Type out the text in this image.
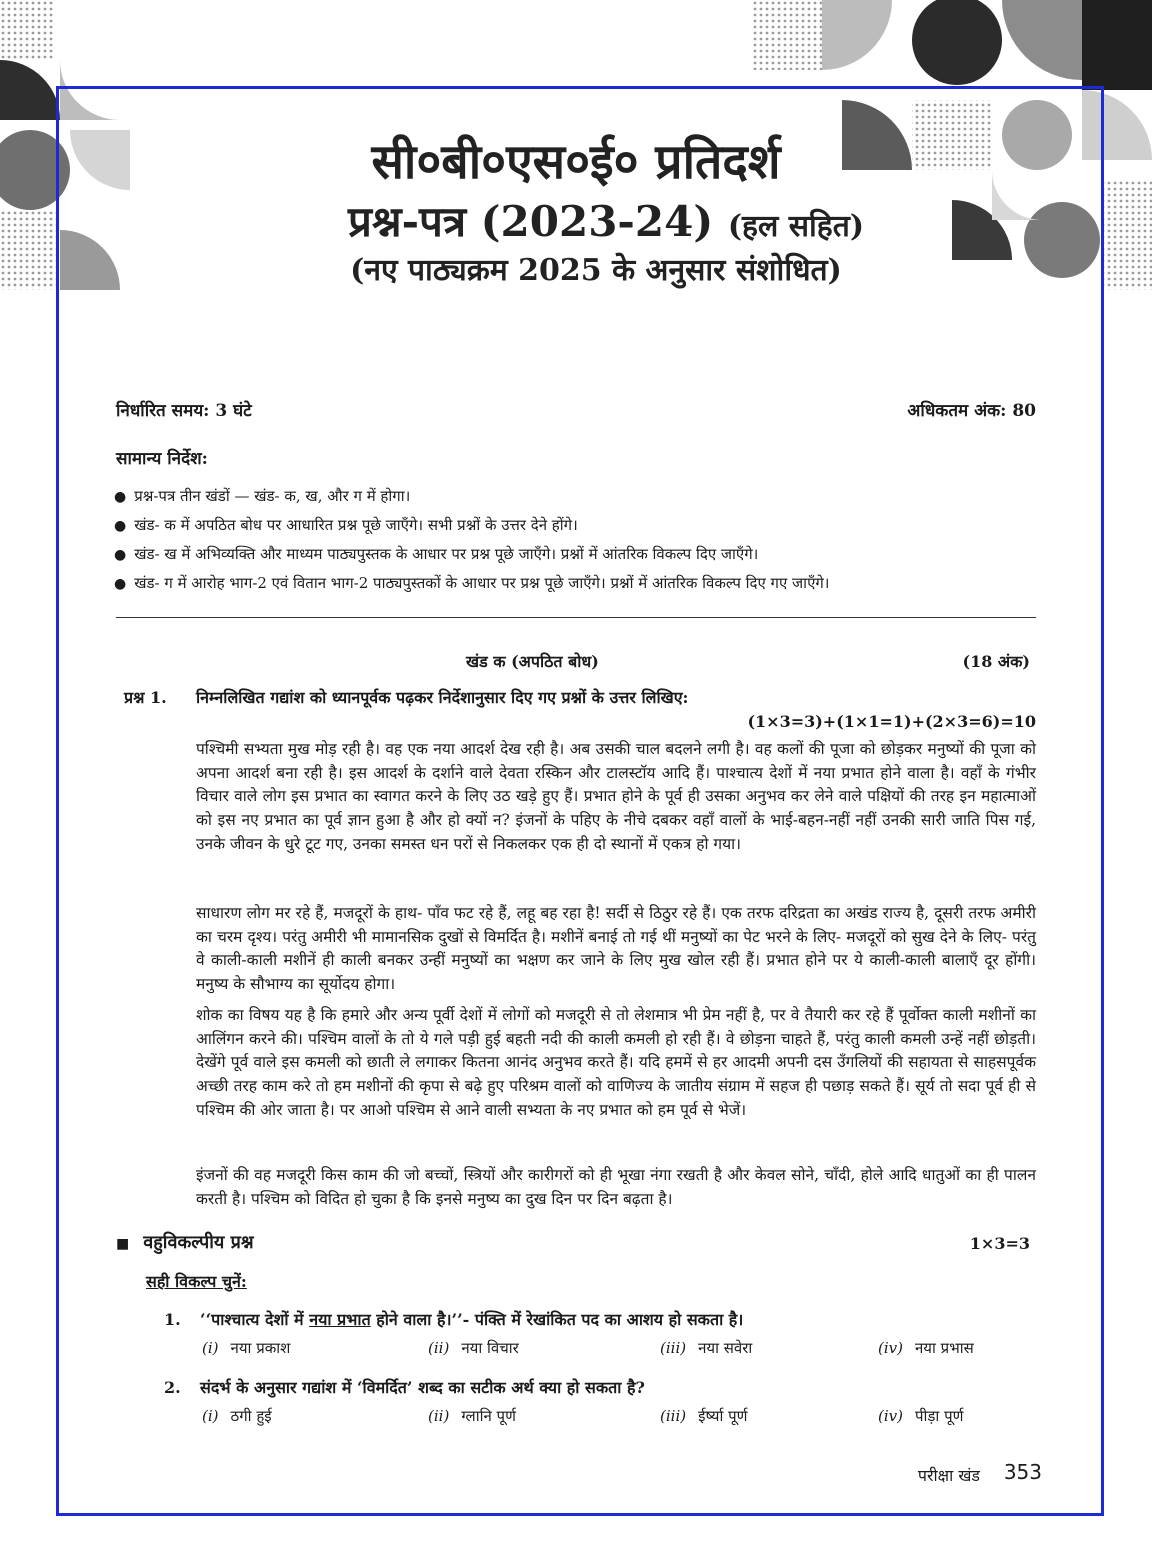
सी०बी०एस०ई० प्रतिदर्श
प्रश्न-पत्र (2023-24) (हल सहित)
(नए पाठ्यक्रम 2025 के अनुसार संशोधित)
निर्धारित समय: 3 घंटे	अधिकतम अंक: 80
सामान्य निर्देश:
● प्रश्न-पत्र तीन खंडों — खंड- क, ख, और ग में होगा।
● खंड- क में अपठित बोध पर आधारित प्रश्न पूछे जाएँगे। सभी प्रश्नों के उत्तर देने होंगे।
● खंड- ख में अभिव्यक्ति और माध्यम पाठ्यपुस्तक के आधार पर प्रश्न पूछे जाएँगे। प्रश्नों में आंतरिक विकल्प दिए जाएँगे।
● खंड- ग में आरोह भाग-2 एवं वितान भाग-2 पाठ्यपुस्तकों के आधार पर प्रश्न पूछे जाएँगे। प्रश्नों में आंतरिक विकल्प दिए गए जाएँगे।
खंड क (अपठित बोध)	(18 अंक)
प्रश्न 1. निम्नलिखित गद्यांश को ध्यानपूर्वक पढ़कर निर्देशानुसार दिए गए प्रश्नों के उत्तर लिखिए:
(1×3=3)+(1×1=1)+(2×3=6)=10

पश्चिमी सभ्यता मुख मोड़ रही है। वह एक नया आदर्श देख रही है। अब उसकी चाल बदलने लगी है। वह कलों की पूजा को छोड़कर मनुष्यों की पूजा को अपना आदर्श बना रही है। इस आदर्श के दर्शाने वाले देवता रस्किन और टालस्टॉय आदि हैं। पाश्चात्य देशों में नया प्रभात होने वाला है। वहाँ के गंभीर विचार वाले लोग इस प्रभात का स्वागत करने के लिए उठ खड़े हुए हैं। प्रभात होने के पूर्व ही उसका अनुभव कर लेने वाले पक्षियों की तरह इन महात्माओं को इस नए प्रभात का पूर्व ज्ञान हुआ है और हो क्यों न? इंजनों के पहिए के नीचे दबकर वहाँ वालों के भाई-बहन-नहीं नहीं उनकी सारी जाति पिस गई, उनके जीवन के धुरे टूट गए, उनका समस्त धन परों से निकलकर एक ही दो स्थानों में एकत्र हो गया।

साधारण लोग मर रहे हैं, मजदूरों के हाथ- पाँव फट रहे हैं, लहू बह रहा है! सर्दी से ठिठुर रहे हैं। एक तरफ दरिद्रता का अखंड राज्य है, दूसरी तरफ अमीरी का चरम दृश्य। परंतु अमीरी भी मामानसिक दुखों से विमर्दित है। मशीनें बनाई तो गई थीं मनुष्यों का पेट भरने के लिए- मजदूरों को सुख देने के लिए- परंतु वे काली-काली मशीनें ही काली बनकर उन्हीं मनुष्यों का भक्षण कर जाने के लिए मुख खोल रही हैं। प्रभात होने पर ये काली-काली बालाएँ दूर होंगी। मनुष्य के सौभाग्य का सूर्योदय होगा।

शोक का विषय यह है कि हमारे और अन्य पूर्वी देशों में लोगों को मजदूरी से तो लेशमात्र भी प्रेम नहीं है, पर वे तैयारी कर रहे हैं पूर्वोक्त काली मशीनों का आलिंगन करने की। पश्चिम वालों के तो ये गले पड़ी हुई बहती नदी की काली कमली हो रही हैं। वे छोड़ना चाहते हैं, परंतु काली कमली उन्हें नहीं छोड़ती। देखेंगे पूर्व वाले इस कमली को छाती ले लगाकर कितना आनंद अनुभव करते हैं। यदि हममें से हर आदमी अपनी दस उँगलियों की सहायता से साहसपूर्वक अच्छी तरह काम करे तो हम मशीनों की कृपा से बढ़े हुए परिश्रम वालों को वाणिज्य के जातीय संग्राम में सहज ही पछाड़ सकते हैं। सूर्य तो सदा पूर्व ही से पश्चिम की ओर जाता है। पर आओ पश्चिम से आने वाली सभ्यता के नए प्रभात को हम पूर्व से भेजें।

इंजनों की वह मजदूरी किस काम की जो बच्चों, स्त्रियों और कारीगरों को ही भूखा नंगा रखती है और केवल सोने, चाँदी, होले आदि धातुओं का ही पालन करती है। पश्चिम को विदित हो चुका है कि इनसे मनुष्य का दुख दिन पर दिन बढ़ता है।

■ वहुविकल्पीय प्रश्न	1×3=3
सही विकल्प चुनें:
1. ‘‘पाश्चात्य देशों में नया प्रभात होने वाला है।’’- पंक्ति में रेखांकित पद का आशय हो सकता है।
(i) नया प्रकाश	(ii) नया विचार	(iii) नया सवेरा	(iv) नया प्रभास
2. संदर्भ के अनुसार गद्यांश में ‘विमर्दित’ शब्द का सटीक अर्थ क्या हो सकता है?
(i) ठगी हुई	(ii) ग्लानि पूर्ण	(iii) ईर्ष्या पूर्ण	(iv) पीड़ा पूर्ण
परीक्षा खंड 353
